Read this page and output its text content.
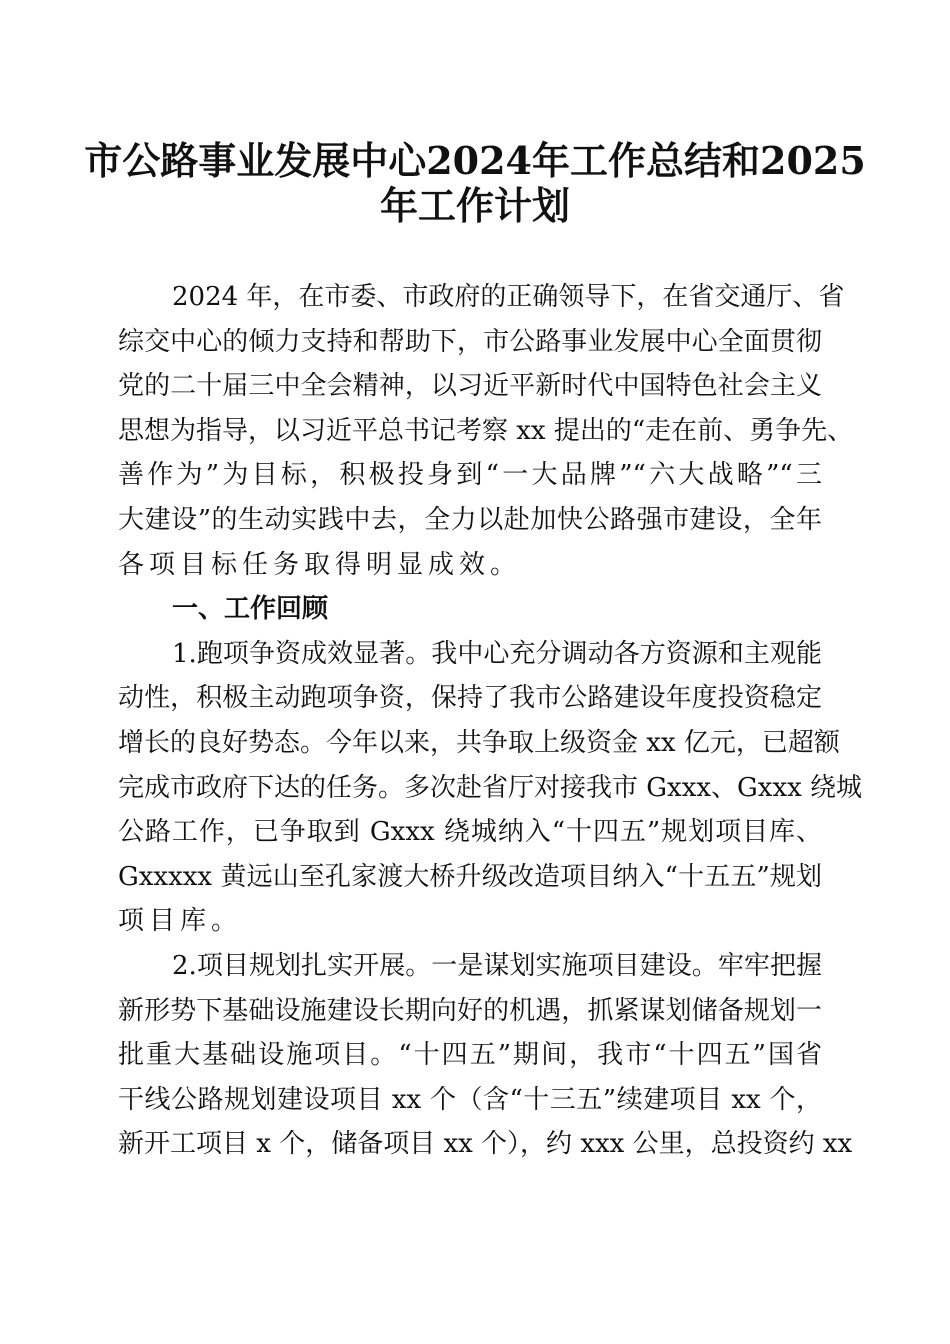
市公路事业发展中心2024年工作总结和2025
年工作计划
2024 年，在市委、市政府的正确领导下，在省交通厅、省
综交中心的倾力支持和帮助下，市公路事业发展中心全面贯彻
党的二十届三中全会精神，以习近平新时代中国特色社会主义
思想为指导，以习近平总书记考察 xx 提出的“走在前、勇争先、
善作为”为目标，积极投身到“一大品牌”“六大战略”“三
大建设”的生动实践中去，全力以赴加快公路强市建设，全年
各项目标任务取得明显成效。
一、工作回顾
1.跑项争资成效显著。我中心充分调动各方资源和主观能
动性，积极主动跑项争资，保持了我市公路建设年度投资稳定
增长的良好势态。今年以来，共争取上级资金 xx 亿元，已超额
完成市政府下达的任务。多次赴省厅对接我市 Gxxx、Gxxx 绕城
公路工作，已争取到 Gxxx 绕城纳入“十四五”规划项目库、
Gxxxxx 黄远山至孔家渡大桥升级改造项目纳入“十五五”规划
项目库。
2.项目规划扎实开展。一是谋划实施项目建设。牢牢把握
新形势下基础设施建设长期向好的机遇，抓紧谋划储备规划一
批重大基础设施项目。“十四五”期间，我市“十四五”国省
干线公路规划建设项目 xx 个（含“十三五”续建项目 xx 个，
新开工项目 x 个，储备项目 xx 个），约 xxx 公里，总投资约 xx
